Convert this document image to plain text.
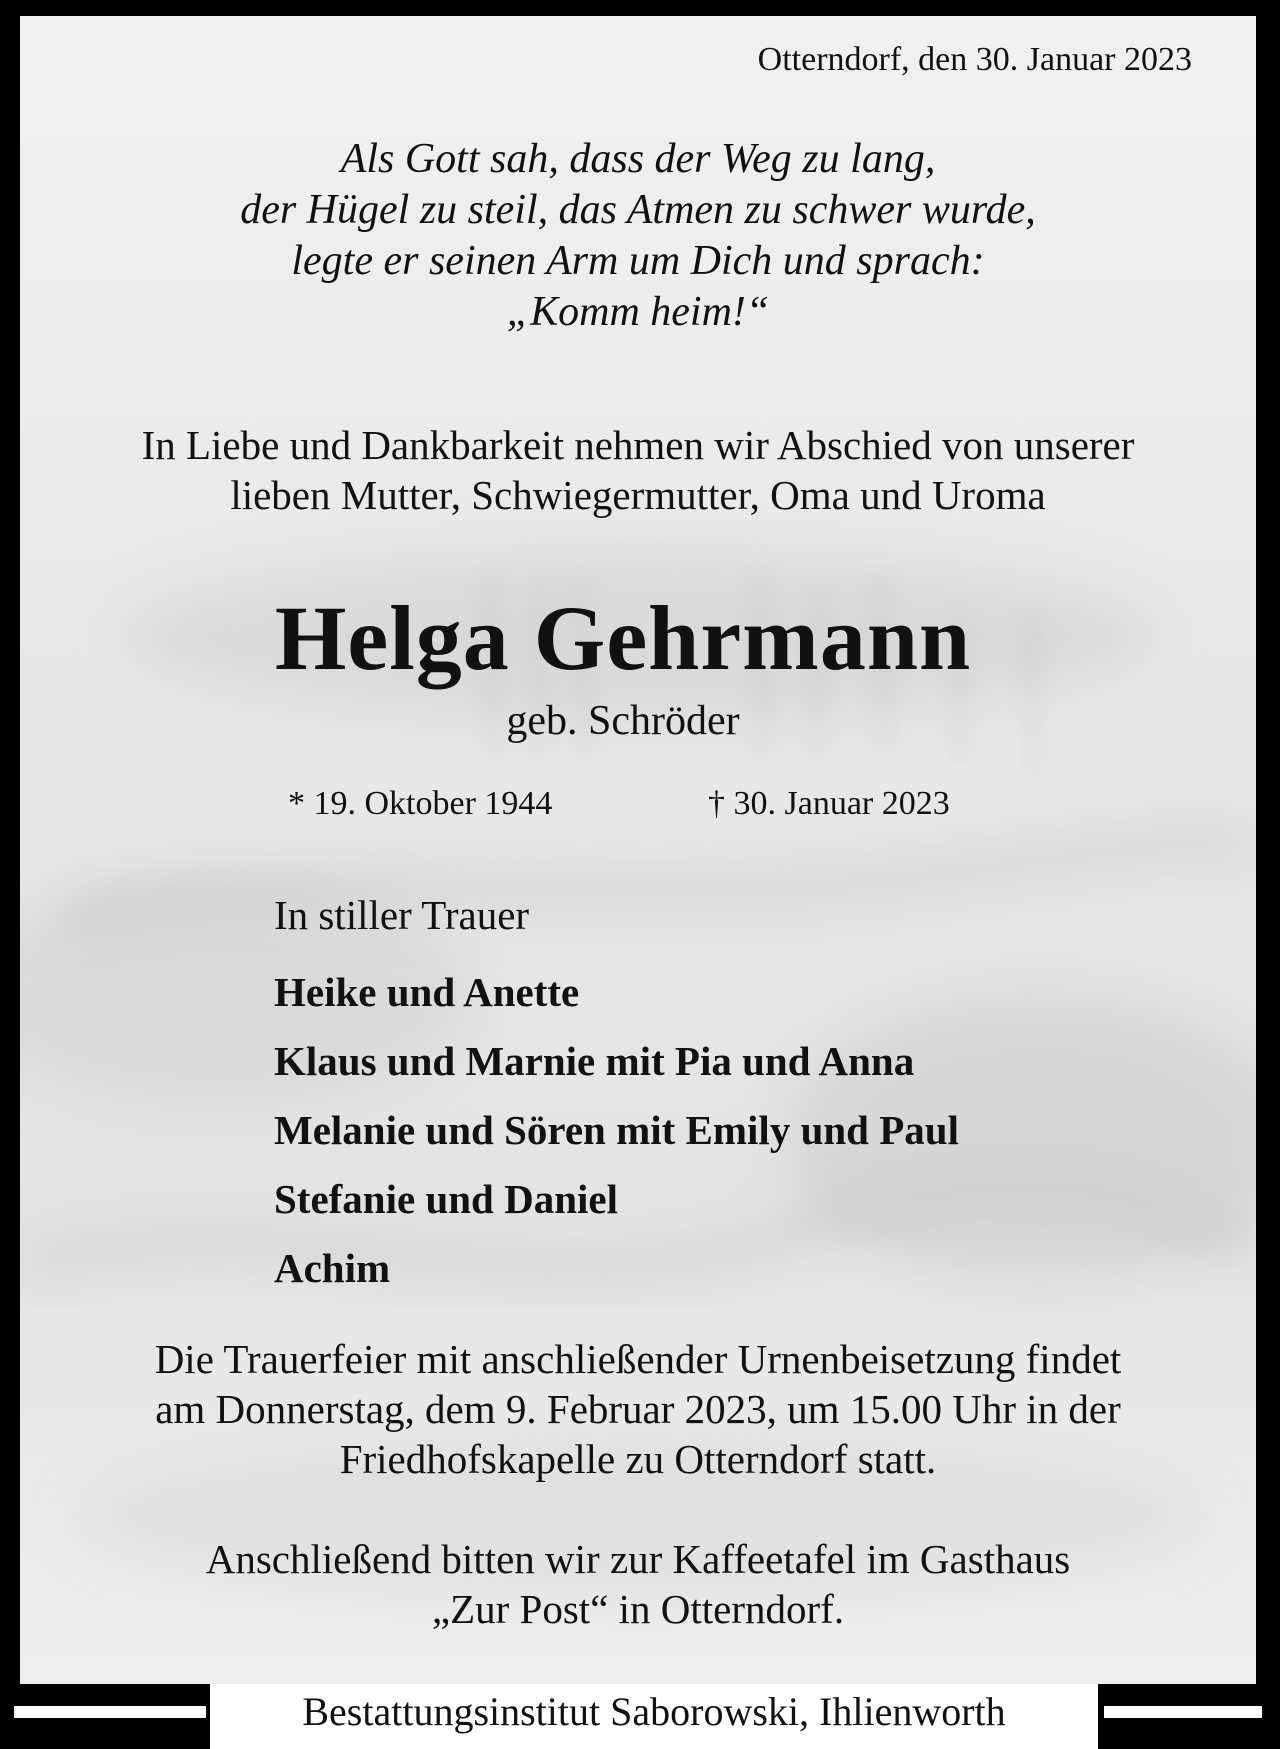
Otterndorf, den 30. Januar 2023
Als Gott sah, dass der Weg zu lang,
der Hügel zu steil, das Atmen zu schwer wurde,
legte er seinen Arm um Dich und sprach:
„Komm heim!“
In Liebe und Dankbarkeit nehmen wir Abschied von unserer
lieben Mutter, Schwiegermutter, Oma und Uroma
Helga Gehrmann
geb. Schröder
* 19. Oktober 1944	† 30. Januar 2023
In stiller Trauer
Heike und Anette
Klaus und Marnie mit Pia und Anna
Melanie und Sören mit Emily und Paul
Stefanie und Daniel
Achim
Die Trauerfeier mit anschließender Urnenbeisetzung findet
am Donnerstag, dem 9. Februar 2023, um 15.00 Uhr in der
Friedhofskapelle zu Otterndorf statt.
Anschließend bitten wir zur Kaffeetafel im Gasthaus
„Zur Post“ in Otterndorf.
Bestattungsinstitut Saborowski, Ihlienworth
